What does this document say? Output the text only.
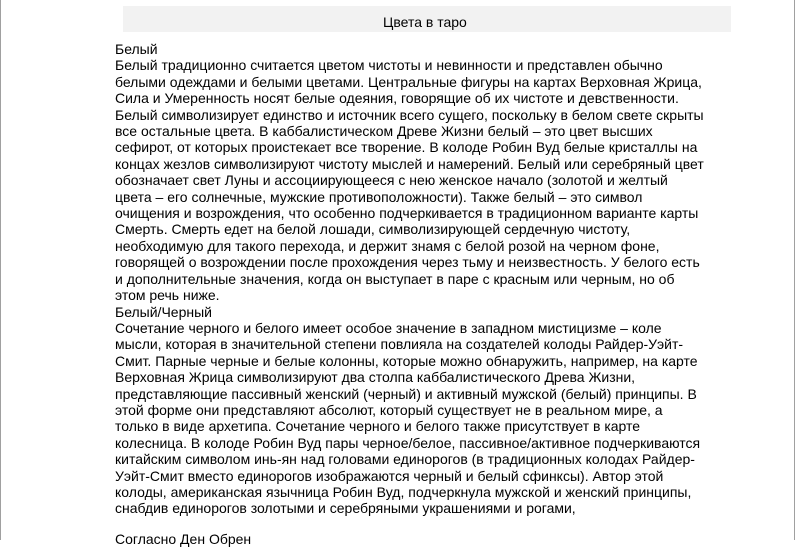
Цвета в таро
Белый

Белый традиционно считается цветом чистоты и невинности и представлен обычно

белыми одеждами и белыми цветами. Центральные фигуры на картах Верховная Жрица,

Сила и Умеренность носят белые одеяния, говорящие об их чистоте и девственности.

Белый символизирует единство и источник всего сущего, поскольку в белом свете скрыты

все остальные цвета. В каббалистическом Древе Жизни белый – это цвет высших

сефирот, от которых проистекает все творение. В колоде Робин Вуд белые кристаллы на

концах жезлов символизируют чистоту мыслей и намерений. Белый или серебряный цвет

обозначает свет Луны и ассоциирующееся с нею женское начало (золотой и желтый

цвета – его солнечные, мужские противоположности). Также белый – это символ

очищения и возрождения, что особенно подчеркивается в традиционном варианте карты

Смерть. Смерть едет на белой лошади, символизирующей сердечную чистоту,

необходимую для такого перехода, и держит знамя с белой розой на черном фоне,

говорящей о возрождении после прохождения через тьму и неизвестность. У белого есть

и дополнительные значения, когда он выступает в паре с красным или черным, но об

этом речь ниже.

Белый/Черный

Сочетание черного и белого имеет особое значение в западном мистицизме – коле

мысли, которая в значительной степени повлияла на создателей колоды Райдер-Уэйт-

Смит. Парные черные и белые колонны, которые можно обнаружить, например, на карте

Верховная Жрица символизируют два столпа каббалистического Древа Жизни,

представляющие пассивный женский (черный) и активный мужской (белый) принципы. В

этой форме они представляют абсолют, который существует не в реальном мире, а

только в виде архетипа. Сочетание черного и белого также присутствует в карте

колесница. В колоде Робин Вуд пары черное/белое, пассивное/активное подчеркиваются

китайским символом инь-ян над головами единорогов (в традиционных колодах Райдер-

Уэйт-Смит вместо единорогов изображаются черный и белый сфинксы). Автор этой

колоды, американская язычница Робин Вуд, подчеркнула мужской и женский принципы,

снабдив единорогов золотыми и серебряными украшениями и рогами,

Согласно Ден Обрен
